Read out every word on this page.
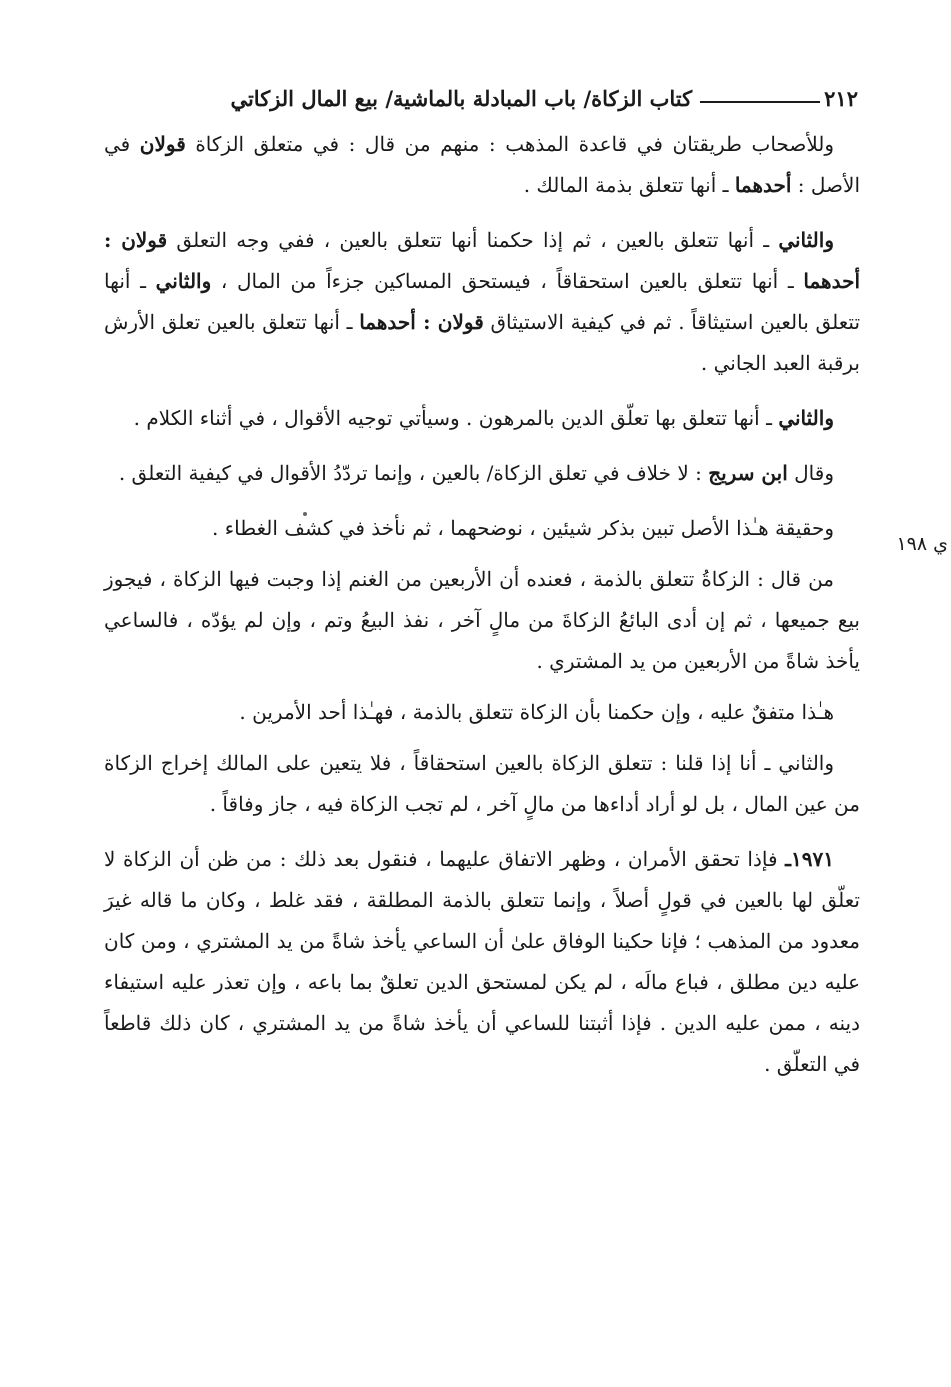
٢١٢
كتاب الزكاة/ باب المبادلة بالماشية/ بيع المال الزكاتي
ي ١٩٨

وللأصحاب طريقتان في قاعدة المذهب : منهم من قال : في متعلق الزكاة قولان في الأصل : أحدهما ـ أنها تتعلق بذمة المالك .

والثاني ـ أنها تتعلق بالعين ، ثم إذا حكمنا أنها تتعلق بالعين ، ففي وجه التعلق قولان : أحدهما ـ أنها تتعلق بالعين استحقاقاً ، فيستحق المساكين جزءاً من المال ، والثاني ـ أنها تتعلق بالعين استيثاقاً . ثم في كيفية الاستيثاق قولان : أحدهما ـ أنها تتعلق بالعين تعلق الأرش برقبة العبد الجاني .

والثاني ـ أنها تتعلق بها تعلّق الدين بالمرهون . وسيأتي توجيه الأقوال ، في أثناء الكلام .

وقال ابن سريج : لا خلاف في تعلق الزكاة/ بالعين ، وإنما تردّدُ الأقوال في كيفية التعلق .

وحقيقة هـٰذا الأصل تبين بذكر شيئين ، نوضحهما ، ثم نأخذ في كشف الغطاء .

من قال : الزكاةُ تتعلق بالذمة ، فعنده أن الأربعين من الغنم إذا وجبت فيها الزكاة ، فيجوز بيع جميعها ، ثم إن أدى البائعُ الزكاةَ من مالٍ آخر ، نفذ البيعُ وتم ، وإن لم يؤدّه ، فالساعي يأخذ شاةً من الأربعين من يد المشتري .

هـٰذا متفقٌ عليه ، وإن حكمنا بأن الزكاة تتعلق بالذمة ، فهـٰذا أحد الأمرين .

والثاني ـ أنا إذا قلنا : تتعلق الزكاة بالعين استحقاقاً ، فلا يتعين على المالك إخراج الزكاة من عين المال ، بل لو أراد أداءها من مالٍ آخر ، لم تجب الزكاة فيه ، جاز وفاقاً .

١٩٧١ـ فإذا تحقق الأمران ، وظهر الاتفاق عليهما ، فنقول بعد ذلك : من ظن أن الزكاة لا تعلّق لها بالعين في قولٍ أصلاً ، وإنما تتعلق بالذمة المطلقة ، فقد غلط ، وكان ما قاله غيرَ معدود من المذهب ؛ فإنا حكينا الوفاق علىٰ أن الساعي يأخذ شاةً من يد المشتري ، ومن كان عليه دين مطلق ، فباع مالَه ، لم يكن لمستحق الدين تعلقٌ بما باعه ، وإن تعذر عليه استيفاء دينه ، ممن عليه الدين . فإذا أثبتنا للساعي أن يأخذ شاةً من يد المشتري ، كان ذلك قاطعاً في التعلّق .
